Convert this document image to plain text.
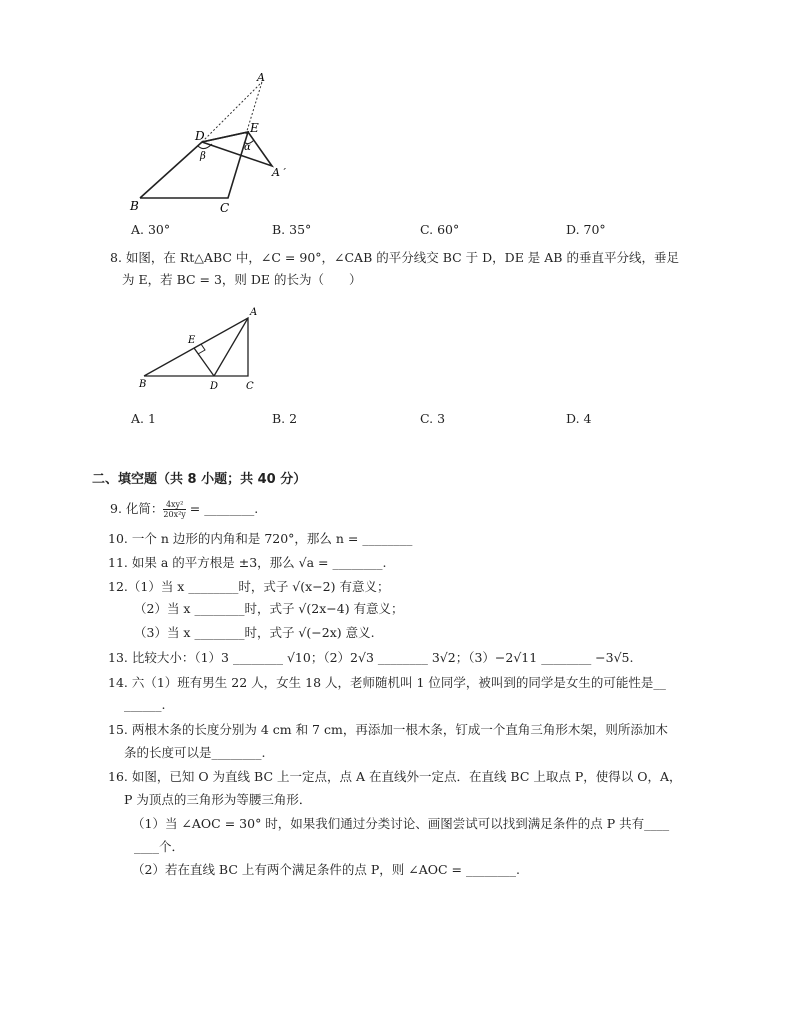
A
D
E
β
α
A ′
B	C
A. 30°	B. 35°	C. 60°	D. 70°
8. 如图，在 Rt△ABC 中，∠C = 90°，∠CAB 的平分线交 BC 于 D，DE 是 AB 的垂直平分线，垂足
为 E，若 BC = 3，则 DE 的长为（　　）
A
E
B	D	C
A. 1	B. 2	C. 3	D. 4
二、填空题（共 8 小题；共 40 分）
9. 化简： $\frac{\text{4xy²}}{\text{20x²y}}$ = ________.
10. 一个 n 边形的内角和是 720°，那么 n = ________
11. 如果 a 的平方根是 ±3，那么 √a = ________.
12.（1）当 x ________时，式子 √(x−2) 有意义；
（2）当 x ________时，式子 √(2x−4) 有意义；
（3）当 x ________时，式子 √(−2x) 意义.
13. 比较大小：（1）3 ________ √10；（2）2√3 ________ 3√2；（3）−2√11 ________ −3√5.
14. 六（1）班有男生 22 人，女生 18 人，老师随机叫 1 位同学，被叫到的同学是女生的可能性是__
______.
15. 两根木条的长度分别为 4 cm 和 7 cm，再添加一根木条，钉成一个直角三角形木架，则所添加木
条的长度可以是________.
16. 如图，已知 O 为直线 BC 上一定点，点 A 在直线外一定点．在直线 BC 上取点 P，使得以 O，A，
P 为顶点的三角形为等腰三角形．
（1）当 ∠AOC = 30° 时，如果我们通过分类讨论、画图尝试可以找到满足条件的点 P 共有____
____个．
（2）若在直线 BC 上有两个满足条件的点 P，则 ∠AOC = ________.
